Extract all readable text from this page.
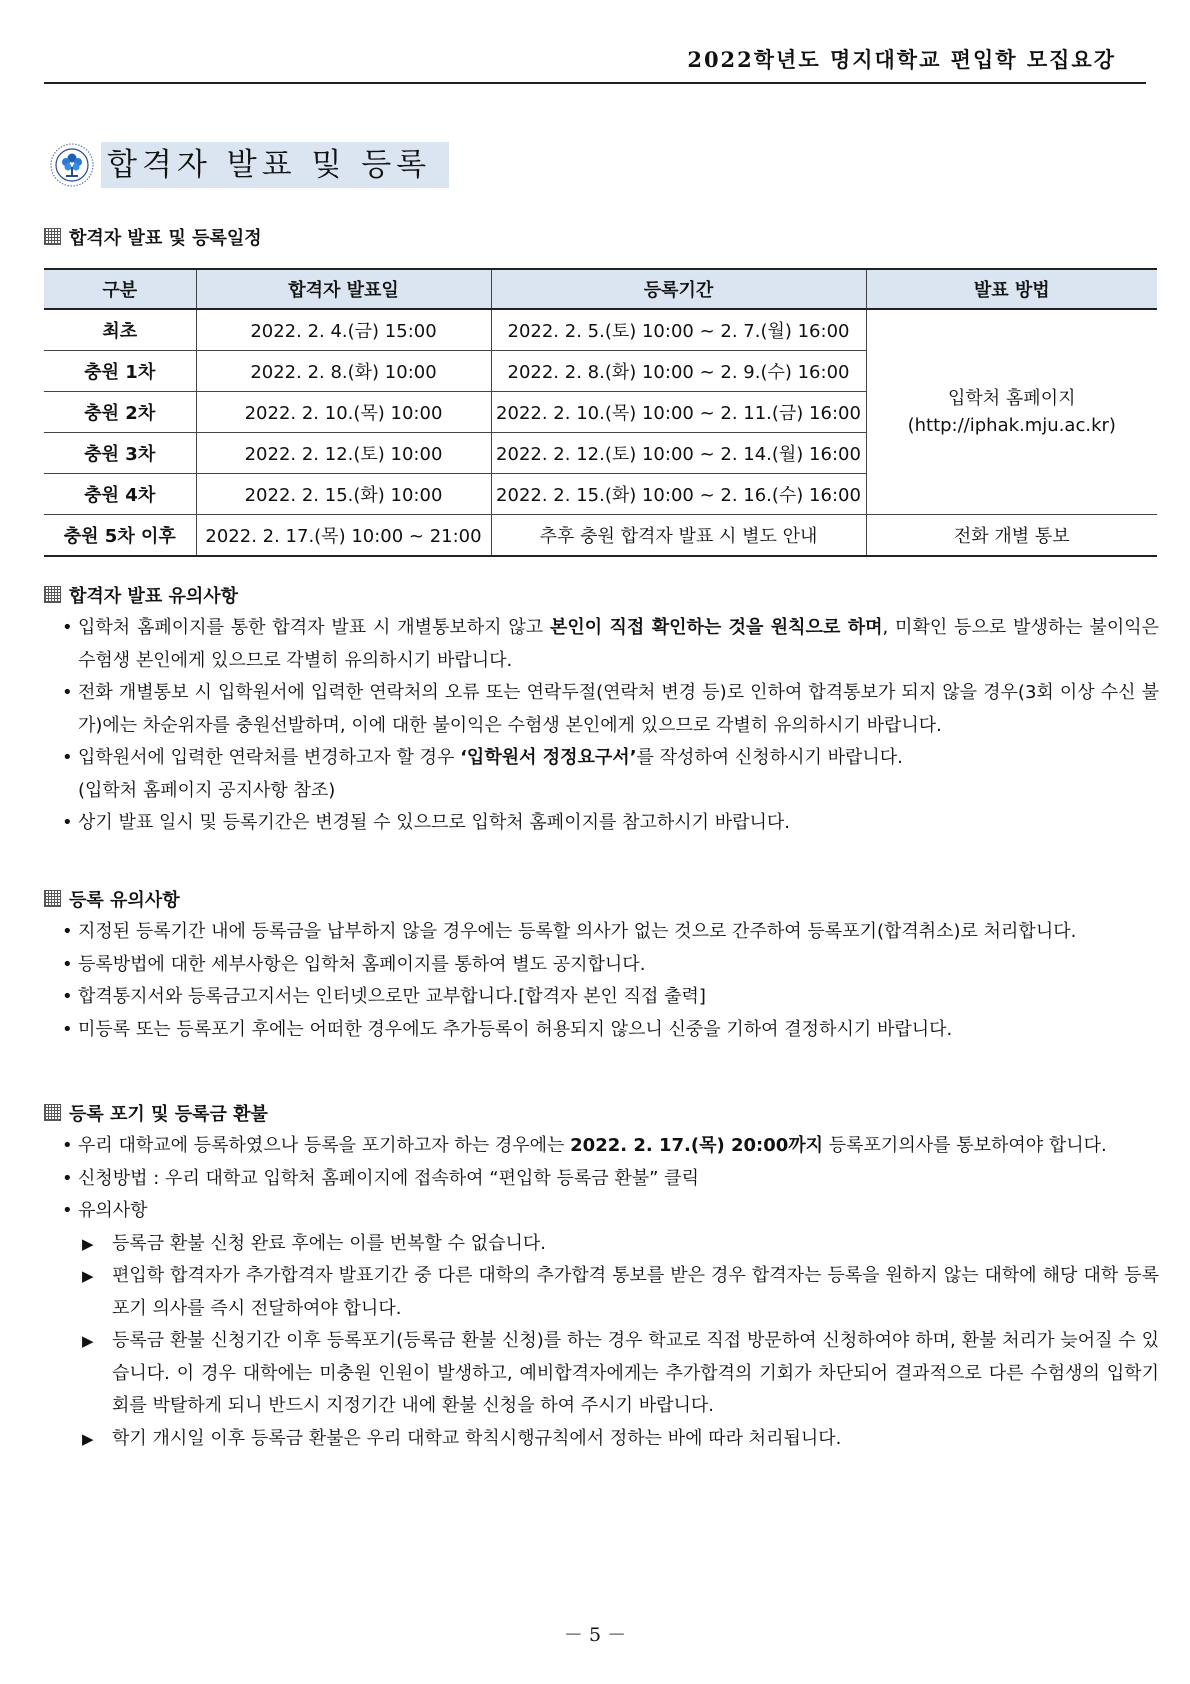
2022학년도 명지대학교 편입학 모집요강
합격자 발표 및 등록
합격자 발표 및 등록일정
구분	합격자 발표일	등록기간	발표 방법
최초	2022. 2. 4.(금) 15:00	2022. 2. 5.(토) 10:00 ~ 2. 7.(월) 16:00	입학처 홈페이지
(http://iphak.mju.ac.kr)

충원 1차	2022. 2. 8.(화) 10:00	2022. 2. 8.(화) 10:00 ~ 2. 9.(수) 16:00	
충원 2차	2022. 2. 10.(목) 10:00	2022. 2. 10.(목) 10:00 ~ 2. 11.(금) 16:00	
충원 3차	2022. 2. 12.(토) 10:00	2022. 2. 12.(토) 10:00 ~ 2. 14.(월) 16:00	
충원 4차	2022. 2. 15.(화) 10:00	2022. 2. 15.(화) 10:00 ~ 2. 16.(수) 16:00	
충원 5차 이후	2022. 2. 17.(목) 10:00 ~ 21:00	추후 충원 합격자 발표 시 별도 안내	전화 개별 통보
합격자 발표 유의사항
• 입학처 홈페이지를 통한 합격자 발표 시 개별통보하지 않고 본인이 직접 확인하는 것을 원칙으로 하며, 미확인 등으로 발생하는 불이익은 수험생 본인에게 있으므로 각별히 유의하시기 바랍니다.
• 전화 개별통보 시 입학원서에 입력한 연락처의 오류 또는 연락두절(연락처 변경 등)로 인하여 합격통보가 되지 않을 경우(3회 이상 수신 불가)에는 차순위자를 충원선발하며, 이에 대한 불이익은 수험생 본인에게 있으므로 각별히 유의하시기 바랍니다.
• 입학원서에 입력한 연락처를 변경하고자 할 경우 ‘입학원서 정정요구서’를 작성하여 신청하시기 바랍니다.
(입학처 홈페이지 공지사항 참조)
• 상기 발표 일시 및 등록기간은 변경될 수 있으므로 입학처 홈페이지를 참고하시기 바랍니다.
등록 유의사항
• 지정된 등록기간 내에 등록금을 납부하지 않을 경우에는 등록할 의사가 없는 것으로 간주하여 등록포기(합격취소)로 처리합니다.
• 등록방법에 대한 세부사항은 입학처 홈페이지를 통하여 별도 공지합니다.
• 합격통지서와 등록금고지서는 인터넷으로만 교부합니다.[합격자 본인 직접 출력]
• 미등록 또는 등록포기 후에는 어떠한 경우에도 추가등록이 허용되지 않으니 신중을 기하여 결정하시기 바랍니다.
등록 포기 및 등록금 환불
• 우리 대학교에 등록하였으나 등록을 포기하고자 하는 경우에는 2022. 2. 17.(목) 20:00까지 등록포기의사를 통보하여야 합니다.
• 신청방법 : 우리 대학교 입학처 홈페이지에 접속하여 “편입학 등록금 환불” 클릭
• 유의사항
▶ 등록금 환불 신청 완료 후에는 이를 번복할 수 없습니다.
▶ 편입학 합격자가 추가합격자 발표기간 중 다른 대학의 추가합격 통보를 받은 경우 합격자는 등록을 원하지 않는 대학에 해당 대학 등록포기 의사를 즉시 전달하여야 합니다.
▶ 등록금 환불 신청기간 이후 등록포기(등록금 환불 신청)를 하는 경우 학교로 직접 방문하여 신청하여야 하며, 환불 처리가 늦어질 수 있습니다. 이 경우 대학에는 미충원 인원이 발생하고, 예비합격자에게는 추가합격의 기회가 차단되어 결과적으로 다른 수험생의 입학기회를 박탈하게 되니 반드시 지정기간 내에 환불 신청을 하여 주시기 바랍니다.
▶ 학기 개시일 이후 등록금 환불은 우리 대학교 학칙시행규칙에서 정하는 바에 따라 처리됩니다.
－ 5 －
